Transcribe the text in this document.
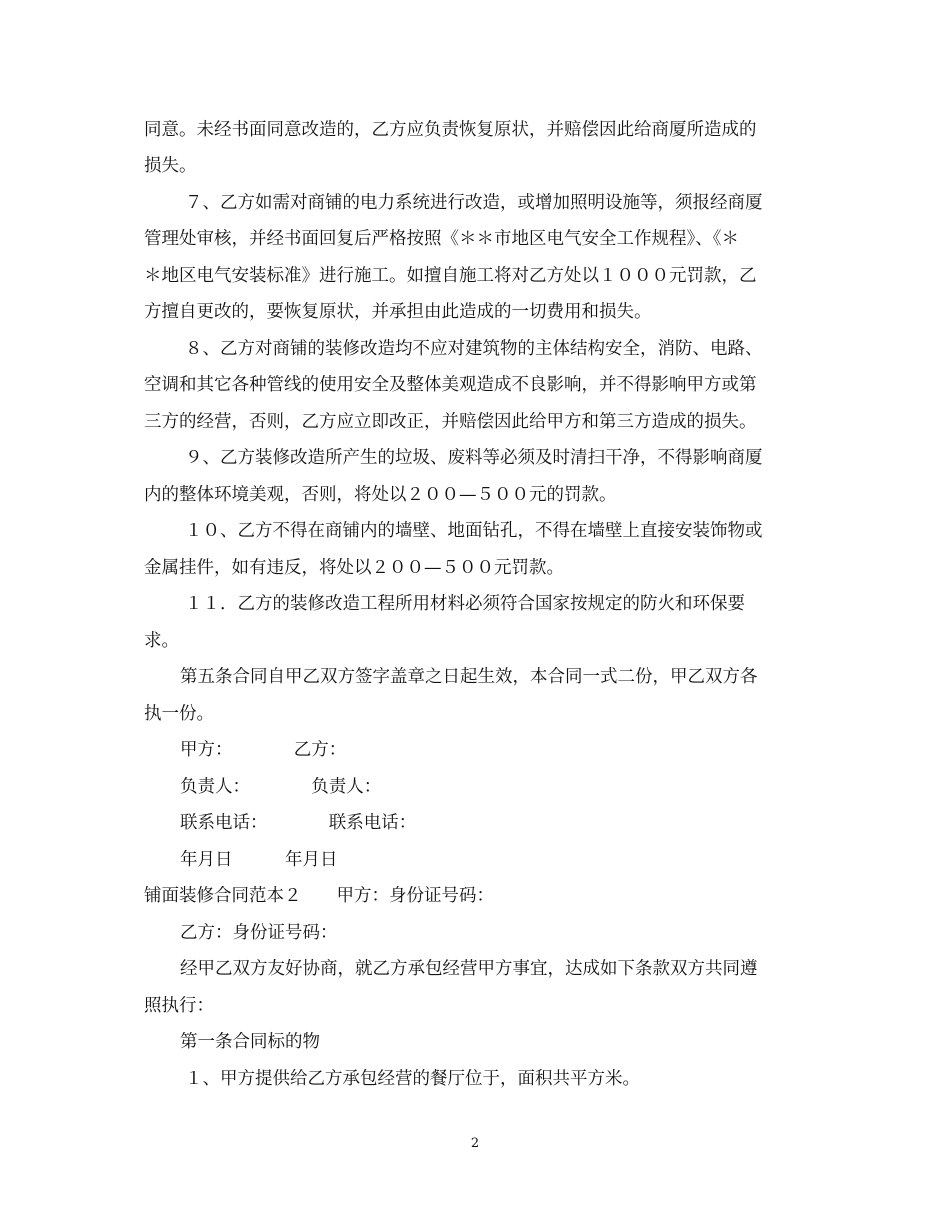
同意。未经书面同意改造的，乙方应负责恢复原状，并赔偿因此给商厦所造成的

损失。

７、乙方如需对商铺的电力系统进行改造，或增加照明设施等，须报经商厦

管理处审核，并经书面回复后严格按照《＊＊市地区电气安全工作规程》、《＊

＊地区电气安装标准》进行施工。如擅自施工将对乙方处以１０００元罚款，乙

方擅自更改的，要恢复原状，并承担由此造成的一切费用和损失。

８、乙方对商铺的装修改造均不应对建筑物的主体结构安全，消防、电路、

空调和其它各种管线的使用安全及整体美观造成不良影响，并不得影响甲方或第

三方的经营，否则，乙方应立即改正，并赔偿因此给甲方和第三方造成的损失。

９、乙方装修改造所产生的垃圾、废料等必须及时清扫干净，不得影响商厦

内的整体环境美观，否则，将处以２００—５００元的罚款。

１０、乙方不得在商铺内的墙壁、地面钻孔，不得在墙壁上直接安装饰物或

金属挂件，如有违反，将处以２００—５００元罚款。

１１．乙方的装修改造工程所用材料必须符合国家按规定的防火和环保要

求。

第五条合同自甲乙双方签字盖章之日起生效，本合同一式二份，甲乙双方各

执一份。

甲方：　　　　乙方：

负责人：　　　　负责人：

联系电话：　　　　联系电话：

年月日　　　年月日

铺面装修合同范本２　　甲方：身份证号码：

乙方：身份证号码：

经甲乙双方友好协商，就乙方承包经营甲方事宜，达成如下条款双方共同遵

照执行：

第一条合同标的物

１、甲方提供给乙方承包经营的餐厅位于，面积共平方米。

2
